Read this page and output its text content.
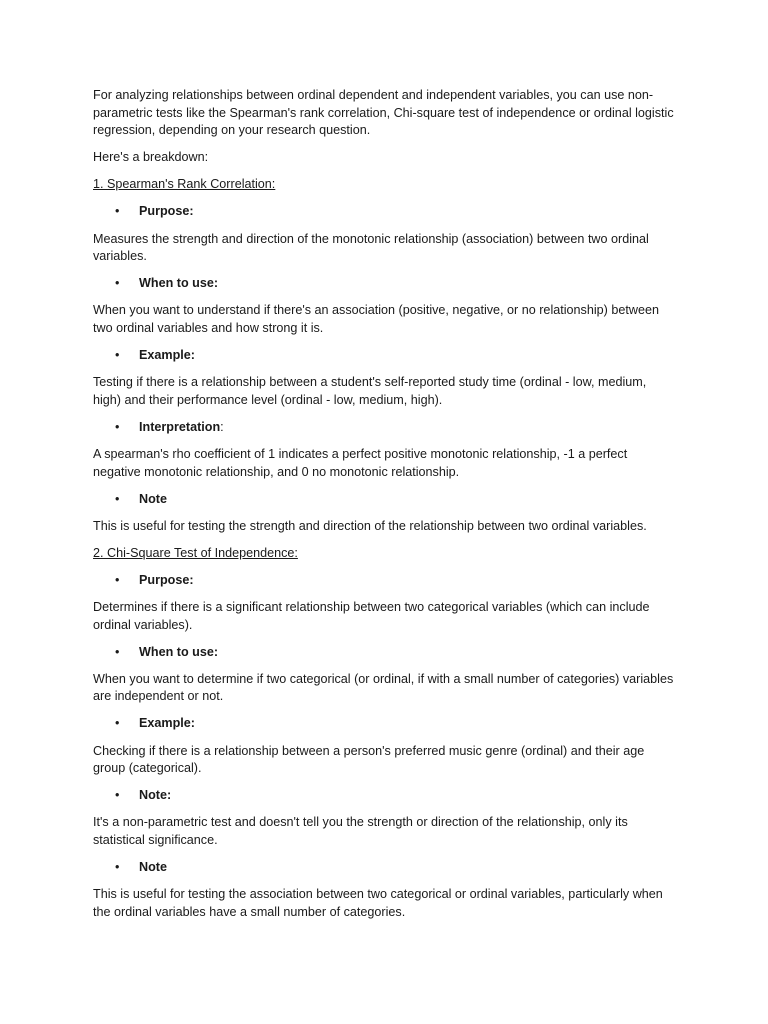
For analyzing relationships between ordinal dependent and independent variables, you can use non-parametric tests like the Spearman's rank correlation, Chi-square test of independence or ordinal logistic regression, depending on your research question.

Here's a breakdown:

1. Spearman's Rank Correlation:

• Purpose:

Measures the strength and direction of the monotonic relationship (association) between two ordinal variables.

• When to use:

When you want to understand if there's an association (positive, negative, or no relationship) between two ordinal variables and how strong it is.

• Example:

Testing if there is a relationship between a student's self-reported study time (ordinal - low, medium, high) and their performance level (ordinal - low, medium, high).

• Interpretation:

A spearman's rho coefficient of 1 indicates a perfect positive monotonic relationship, -1 a perfect negative monotonic relationship, and 0 no monotonic relationship.

• Note

This is useful for testing the strength and direction of the relationship between two ordinal variables.

2. Chi-Square Test of Independence:

• Purpose:

Determines if there is a significant relationship between two categorical variables (which can include ordinal variables).

• When to use:

When you want to determine if two categorical (or ordinal, if with a small number of categories) variables are independent or not.

• Example:

Checking if there is a relationship between a person's preferred music genre (ordinal) and their age group (categorical).

• Note:

It's a non-parametric test and doesn't tell you the strength or direction of the relationship, only its statistical significance.

• Note

This is useful for testing the association between two categorical or ordinal variables, particularly when the ordinal variables have a small number of categories.
